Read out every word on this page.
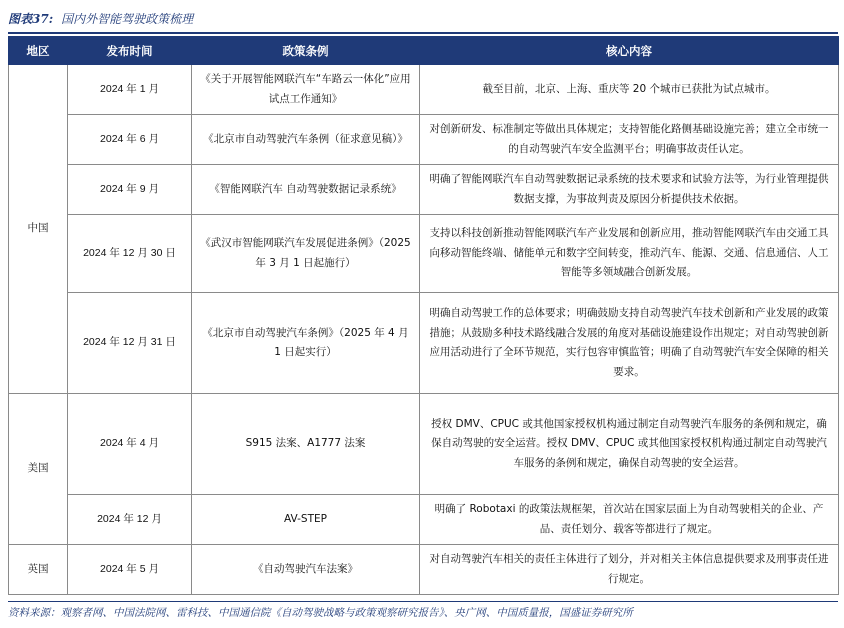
图表37: 国内外智能驾驶政策梳理
地区	发布时间	政策条例	核心内容
中国	2024 年 1 月	《关于开展智能网联汽车“车路云一体化”应用试点工作通知》	截至目前，北京、上海、重庆等 20 个城市已获批为试点城市。
	2024 年 6 月	《北京市自动驾驶汽车条例（征求意见稿）》	对创新研发、标准制定等做出具体规定；支持智能化路侧基础设施完善；建立全市统一的自动驾驶汽车安全监测平台；明确事故责任认定。
	2024 年 9 月	《智能网联汽车 自动驾驶数据记录系统》	明确了智能网联汽车自动驾驶数据记录系统的技术要求和试验方法等，为行业管理提供数据支撑，为事故判责及原因分析提供技术依据。
	2024 年 12 月 30 日	《武汉市智能网联汽车发展促进条例》（2025 年 3 月 1 日起施行）	支持以科技创新推动智能网联汽车产业发展和创新应用，推动智能网联汽车由交通工具向移动智能终端、储能单元和数字空间转变，推动汽车、能源、交通、信息通信、人工智能等多领域融合创新发展。
	2024 年 12 月 31 日	《北京市自动驾驶汽车条例》（2025 年 4 月 1 日起实行）	明确自动驾驶工作的总体要求；明确鼓励支持自动驾驶汽车技术创新和产业发展的政策措施；从鼓励多种技术路线融合发展的角度对基础设施建设作出规定；对自动驾驶创新应用活动进行了全环节规范，实行包容审慎监管；明确了自动驾驶汽车安全保障的相关要求。
美国	2024 年 4 月	S915 法案、A1777 法案	授权 DMV、CPUC 或其他国家授权机构通过制定自动驾驶汽车服务的条例和规定，确保自动驾驶的安全运营。授权 DMV、CPUC 或其他国家授权机构通过制定自动驾驶汽车服务的条例和规定，确保自动驾驶的安全运营。
	2024 年 12 月	AV-STEP	明确了 Robotaxi 的政策法规框架，首次站在国家层面上为自动驾驶相关的企业、产品、责任划分、载客等都进行了规定。
英国	2024 年 5 月	《自动驾驶汽车法案》	对自动驾驶汽车相关的责任主体进行了划分，并对相关主体信息提供要求及刑事责任进行规定。
资料来源：观察者网、中国法院网、雷科技、中国通信院《自动驾驶战略与政策观察研究报告》、央广网、中国质量报，国盛证券研究所
